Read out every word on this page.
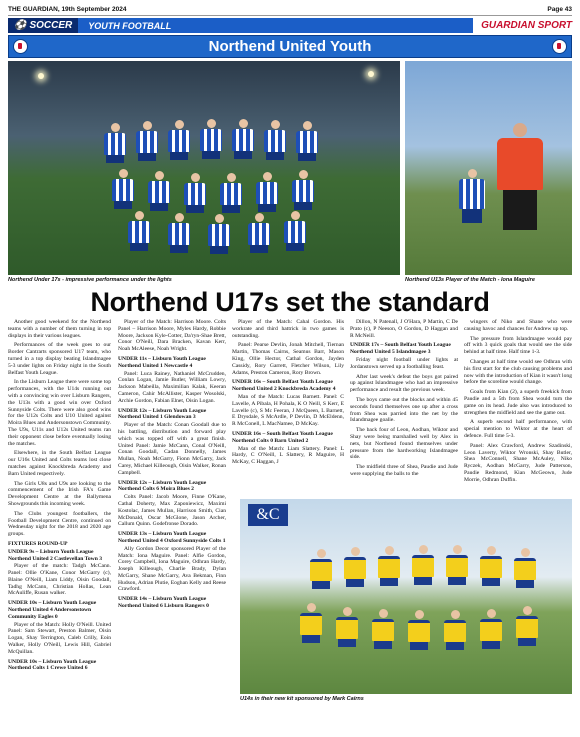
THE GUARDIAN, 19th September 2024	Page 43
⚽ SOCCER	YOUTH FOOTBALL	GUARDIAN SPORT
Northend United Youth
Northend Under 17s - impressive performance under the lights	Northend U13s Player of the Match - Iona Maguire
Northend U17s set the standard

Another good weekend for the Northend teams with a number of them turning in top displays in their various leagues.

Performances of the week goes to our Border Cantrarts sponsored U17 team, who turned in a top display beating Islandmagee 5-3 under lights on Friday night in the South Belfast Youth League.

In the Lisburn League there were some top performances, with the U14s running out with a convincing win over Lisburn Rangers, the U13s with a good win over Oxford Sunnyside Colts. There were also good wins for the U12s Colts and U10 United against Moira Blues and Andersonstown Community. The U9s, U11s and U12s United teams ran their opponent close before eventually losing the matches.

Elsewhere, in the South Belfast League our U16s United and Colts teams lost close matches against Knockbreda Academy and Barn United respectively.

The Girls U8s and U9s are looking to the commencement of the Irish FA's Game Development Centre at the Ballymena Showgrounds this incoming week.

The Clubs youngest footballers, the Football Development Centre, continued on Wednesday night for the 2018 and 2020 age groups.

FIXTURES ROUND-UP
UNDER 9s – Lisburn Youth League
Northend United 2 Castlevellan Town 3

Player of the match: Tadgh McCann. Panel: Ollie O'Kane, Conor McGarry (c), Blaine O'Neill, Liam Liddy, Oisin Goodall, Tadhg McCann, Christian Hollas, Lean McAuliffe, Rusan walker.

UNDER 10s – Lisburn Youth League
Northend United 4 Andersonstown Community Eagles 0

Player of the Match: Holly O'Neill. United Panel: Sam Stewart, Preston Balmer, Oisin Logan, Shay Terrington, Caleb Crilly, Eoin Walker, Holly O'Neill, Lewis Hill, Gabriel McQuillan.

UNDER 10s – Lisburn Youth League
Northend Colts 1 Crewe United 6

Player of the Match: Harrison Moore. Colts Panel – Harrison Moore, Myles Hardy, Robbie Moore, Jackson Kyle-Cotter, Da'ryn-Shae Brett, Conor O'Neill, Dara Bracken, Kavan Kerr, Noah McAleese, Noah Wright.

UNDER 11s – Lisburn Youth League
Northend United 1 Newcastle 4

Panel: Luca Rainey, Nathaniel McCrudden, Conlan Logan, Jamie Butler, William Lowry, Jackson Mabeilla, Maximilian Kalak, Keeran Cameron, Cahir McAllister, Kasper Wosolski, Archie Gordon, Fabian Elnet, Oisin Logan.

UNDER 12s – Lisburn Youth League
Northend United 1 Glendowan 3

Player of the Match: Conan Goodall due to his battling, distribution and forward play which was topped off with a great finish. United Panel: Jamie McCann, Conal O'Neill, Conan Goodall, Cadan Donnelly, James Mullan, Noah McGarry, Fionn McGarry, Jack Carey, Michael Killeough, Oisin Walker, Ronan Campbell.

UNDER 12s – Lisburn Youth League
Northend Colts 6 Moira Blues 2

Colts Panel: Jacob Moore, Finne O'Kane, Cathal Doherty, Max Zaponiewicz, Maximi Kostolac, James Mullan, Harrison Smith, Cian McDonald, Oscar McGlone, Jason Archer, Callum Quinn. Godefronse Dorado.

UNDER 13s – Lisburn Youth League
Northend United 4 Oxford Sunnyside Colts 1

Ally Gordon Decor sponsored Player of the Match: Iona Maguire. Panel: Alfie Gordon, Corey Campbell, Iona Maguire, Odhran Hardy, Joseph Killeough, Charlie Brady, Dylan McGarry, Shane McGarry, Ava Bekman, Finn Hudson, Adrian Plutie, Eoghan Kelly and Reese Crawford.

UNDER 14s – Lisburn Youth League
Northend United 6 Lisburn Rangers 0

Player of the Match: Cahal Gordon. His workrate and third hattrick in two games is outstanding.

Panel: Pearse Devlin, Jonah Mitchell, Tiernan Martin, Thomas Cairns, Seamus Barr, Mason King, Ollie Hector, Cathal Gordon, Jayden Cassidy, Rory Garrett, Fletcher Wilson, Lily Adams, Preston Cameron, Rory Brown.

UNDER 16s – South Belfast Youth League
Northend United 2 Knockbreda Academy 4

Man of the Match: Lucas Barnett. Panel: C Lavelle, A Pibala, H Pohala, K O Neill, S Kerr, E Lavelle (c), S Mc Feeran, J McQueen, L Barnett, E Drysdale, S McArdle, P Devlin, D McEldenn, R McConell, L MacNamee, D McKay.

UNDER 16s – South Belfast Youth League
Northend Colts 0 Barn United 2

Man of the Match: Liam Slattery. Panel: L Hardy, C O'Neill, L Slattery, R Maguire, H McKay, C Haggan, J

Dillon, N Patenall, J O'Hara, P Martin, C De Prato (c), P Neeson, O Gordon, D Haggan and R McNeill.

UNDER 17s – South Belfast Youth League
Northend United 5 Islandmagee 3

Friday night football under lights at Jordanstown served up a footballing feast.

After last week's defeat the boys got paired up against Islandmagee who had an impressive performance and result the previous week.

The boys came out the blocks and within 45 seconds found themselves one up after a cross from Shea was parried into the net by the Islandmagee goalie.

The back four of Leon, Aodhan, Wiktor and Shay were being marshalled well by Alex in nets, but Northend found themselves under pressure from the hardworking Islandmagee side.

The midfield three of Shea, Paudie and Jude were supplying the balls to the

wingers of Niko and Shane who were causing havoc and chances for Andrew up top.

The pressure from Islandmagee would pay off with 3 quick goals that would see the side behind at half time. Half time 1-3.

Changes at half time would see Odhran with his first start for the club causing problems and now with the introduction of Kian it wasn't long before the scoreline would change.

Goals from Kian (2), a superb freekick from Paudie and a 5th from Shea would turn the game on its head. Jude also was introduced to strengthen the midfield and see the game out.

A superb second half performance, with special mention to Wiktor at the heart of defence. Full time 5-3.

Panel: Alex Crawford, Andrew Szadinski, Leon Laverty, Wiktor Wronski, Shay Butler, Shea McConnell, Shane McAuley, Niko Ryczek, Aodhan McGarry, Jude Patterson, Paudie Redmond, Kian McGeown, Jude Morrie, Odhran Duffin.

&C
U14s in their new kit sponsored by Mark Cairns
